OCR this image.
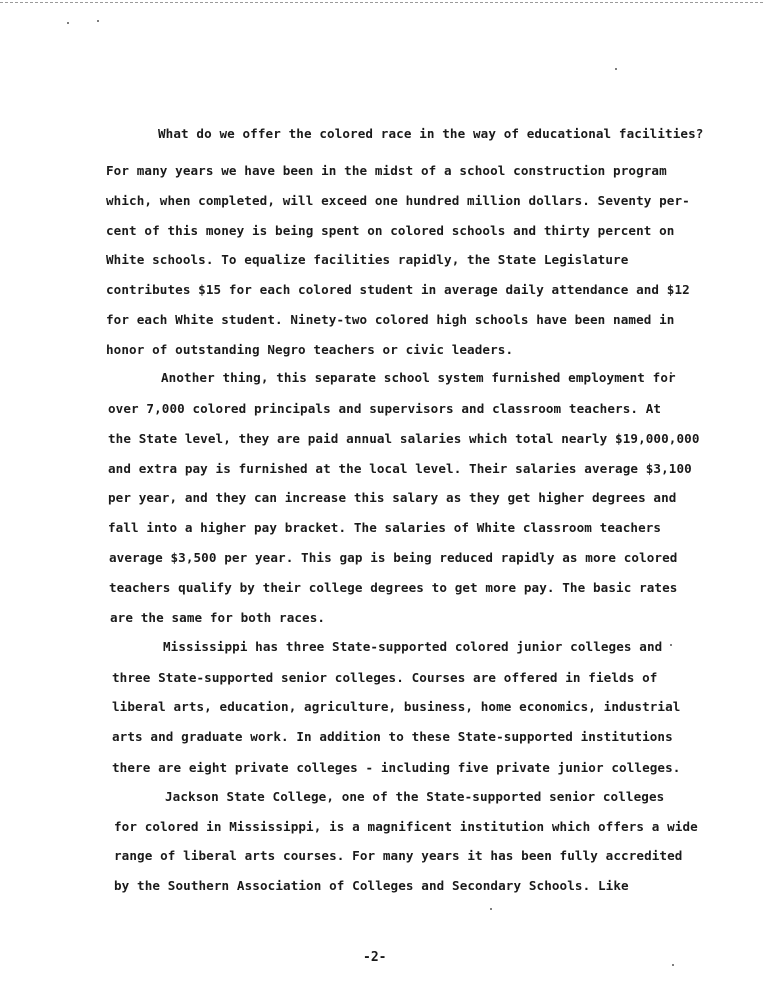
What do we offer the colored race in the way of educational facilities?
For many years we have been in the midst of a school construction program
which, when completed, will exceed one hundred million dollars. Seventy per-
cent of this money is being spent on colored schools and thirty percent on
White schools. To equalize facilities rapidly, the State Legislature
contributes $15 for each colored student in average daily attendance and $12
for each White student. Ninety-two colored high schools have been named in
honor of outstanding Negro teachers or civic leaders.
Another thing, this separate school system furnished employment for
over 7,000 colored principals and supervisors and classroom teachers. At
the State level, they are paid annual salaries which total nearly $19,000,000
and extra pay is furnished at the local level. Their salaries average $3,100
per year, and they can increase this salary as they get higher degrees and
fall into a higher pay bracket. The salaries of White classroom teachers
average $3,500 per year. This gap is being reduced rapidly as more colored
teachers qualify by their college degrees to get more pay. The basic rates
are the same for both races.
Mississippi has three State-supported colored junior colleges and
three State-supported senior colleges. Courses are offered in fields of
liberal arts, education, agriculture, business, home economics, industrial
arts and graduate work. In addition to these State-supported institutions
there are eight private colleges - including five private junior colleges.
Jackson State College, one of the State-supported senior colleges
for colored in Mississippi, is a magnificent institution which offers a wide
range of liberal arts courses. For many years it has been fully accredited
by the Southern Association of Colleges and Secondary Schools. Like
-2-
